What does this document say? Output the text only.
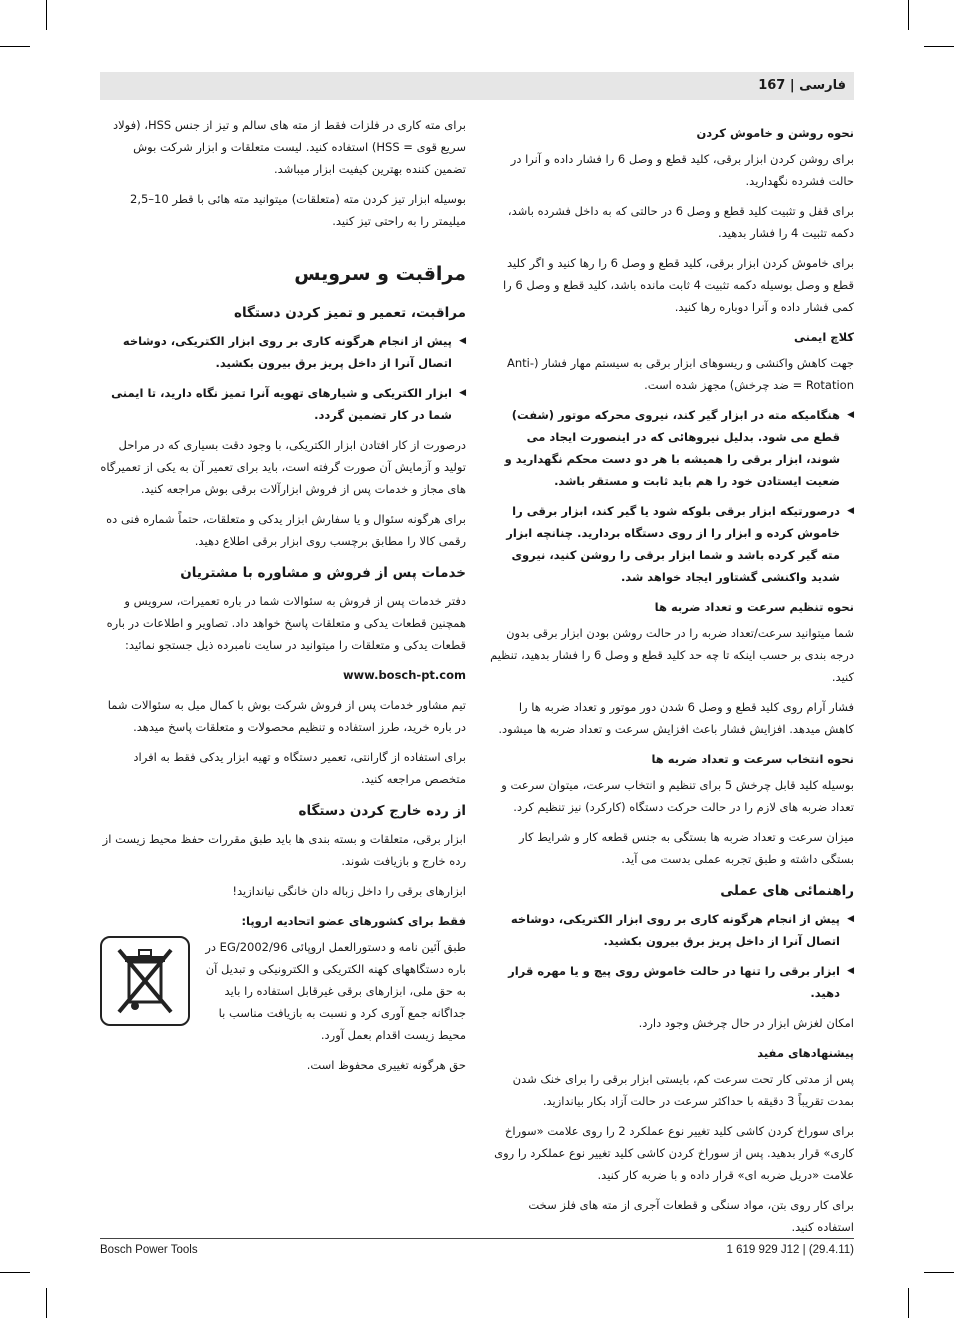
فارسی | 167
نحوه روشن و خاموش کردن

برای روشن کردن ابزار برقی، کلید قطع و وصل 6 را فشار داده و آنرا در حالت فشرده نگهدارید.

برای قفل و تثبیت کلید قطع و وصل 6 در حالتی که به داخل فشرده باشد، دکمه تثبیت 4 را فشار بدهید.

برای خاموش کردن ابزار برقی، کلید قطع و وصل 6 را رها کنید و اگر کلید قطع و وصل بوسیله دکمه تثبیت 4 ثابت مانده باشد، کلید قطع و وصل 6 را کمی فشار داده و آنرا دوباره رها کنید.

کلاچ ایمنی

جهت کاهش واکنشی و ریسوهای ابزار برقی به سیستم مهار فشار (Anti-Rotation = ضد چرخش) مجهز شده است.

◀ هنگامیکه مته در ابزار گیر کند، نیروی محرکه موتور (شفت) قطع می شود. بدلیل نیروهائی که در اینصورت ایجاد می شوند، ابزار برقی را همیشه با هر دو دست محکم نگهدارید و ضعیت ایستادن خود را هم باید ثابت و مستقر باشد.

◀ درصورتیکه ابزار برقی بلوکه شود یا گیر کند، ابزار برقی را خاموش کرده و ابزار را از روی دستگاه بردارید. چنانچه ابزار مته گیر کرده باشد و شما ابزار برقی را روشن کنید، نیروی شدید واکنشی گشتاور ایجاد خواهد شد.

نحوه تنظیم سرعت و تعداد ضربه ها

شما میتوانید سرعت/تعداد ضربه را در حالت روشن بودن ابزار برقی بدون درجه بندی بر حسب اینکه تا چه حد کلید قطع و وصل 6 را فشار بدهید، تنظیم کنید.

فشار آرام روی کلید قطع و وصل 6 شدن دور موتور و تعداد ضربه ها را کاهش میدهد. افزایش فشار باعث افزایش سرعت و تعداد ضربه ها میشود.

نحوه انتخاب سرعت و تعداد ضربه ها

بوسیله کلید قابل چرخش 5 برای تنظیم و انتخاب سرعت، میتوان سرعت و تعداد ضربه های لازم را در حالت حرکت دستگاه (کارکرد) نیز تنظیم کرد.

میزان سرعت و تعداد ضربه ها بستگی به جنس قطعه کار و شرایط کار بستگی داشته و طبق تجربه عملی بدست می آید.

راهنمائی های عملی

◀ پیش از انجام هرگونه کاری بر روی ابزار الکتریکی، دوشاخه اتصال آنرا از داخل پریز برق بیرون بکشید.

◀ ابزار برقی را تنها در حالت خاموش روی پیچ و یا مهره قرار دهید.

امکان لغزش ابزار در حال چرخش وجود دارد.

پیشنهادهای مفید

پس از مدتی کار تحت سرعت کم، بایستی ابزار برقی را برای خنک شدن بمدت تقریباً 3 دقیقه با حداکثر سرعت در حالت آزاد بکار بیاندازید.

برای سوراخ کردن کاشی کلید تغییر نوع عملکرد 2 را روی علامت «سوراخ کاری» قرار بدهید. پس از سوراخ کردن کاشی کلید تغییر نوع عملکرد را روی علامت «دریل ضربه ای» قرار داده و با ضربه کار کنید.

برای کار روی بتن، مواد سنگی و قطعات آجری از مته های فلز سخت استفاده کنید.

برای مته کاری در فلزات فقط از مته های سالم و تیز از جنس HSS، (فولاد سریع قوی = HSS) استفاده کنید. لیست متعلقات و ابزار شرکت بوش تضمین کننده بهترین کیفیت ابزار میباشد.

بوسیله ابزار تیز کردن مته (متعلقات) میتوانید مته هائی با قطر 10–2,5 میلیمتر را به راحتی تیز کنید.

مراقبت و سرویس
مراقبت، تعمیر و تمیز کردن دستگاه

◀ پیش از انجام هرگونه کاری بر روی ابزار الکتریکی، دوشاخه اتصال آنرا از داخل پریز برق بیرون بکشید.

◀ ابزار الکتریکی و شیارهای تهویه آنرا تمیز نگاه دارید، تا ایمنی شما در کار تضمین گردد.

درصورت از کار افتادن ابزار الکتریکی، با وجود دقت بسیاری که در مراحل تولید و آزمایش آن صورت گرفته است، باید برای تعمیر آن به یکی از تعمیرگاه های مجاز و خدمات پس از فروش ابزارآلات برقی بوش مراجعه کنید.

برای هرگونه سئوال و یا سفارش ابزار یدکی و متعلقات، حتماً شماره فنی ده رقمی کالا را مطابق برچسب روی ابزار برقی اطلاع دهید.

خدمات پس از فروش و مشاوره با مشتریان

دفتر خدمات پس از فروش به سئوالات شما در باره تعمیرات، سرویس و همچنین قطعات یدکی و متعلقات پاسخ خواهد داد. تصاویر و اطلاعات در باره قطعات یدکی و متعلقات را میتوانید در سایت نامبرده ذیل جستجو نمائید:

www.bosch-pt.com

تیم مشاور خدمات پس از فروش شرکت بوش با کمال میل به سئوالات شما در باره خرید، طرز استفاده و تنظیم محصولات و متعلقات پاسخ میدهد.

برای استفاده از گارانتی، تعمیر دستگاه و تهیه ابزار یدکی فقط به افراد متخصص مراجعه کنید.

از رده خارج کردن دستگاه

ابزار برقی، متعلقات و بسته بندی ها باید طبق مقررات حفظ محیط زیست از رده خارج و بازیافت شوند.

ابزارهای برقی را داخل زباله دان خانگی نیاندازید!

فقط برای کشورهای عضو اتحادیه اروپا:

طبق آئین نامه و دستورالعمل اروپائی 2002/96/EG در باره دستگاههای کهنه الکتریکی و الکترونیکی و تبدیل آن به حق ملی، ابزارهای برقی غیرقابل استفاده را باید جداگانه جمع آوری کرد و نسبت به بازیافت مناسب با محیط زیست اقدام بعمل آورد.

حق هرگونه تغییری محفوظ است.

Bosch Power Tools	1 619 929 J12 | (29.4.11)
